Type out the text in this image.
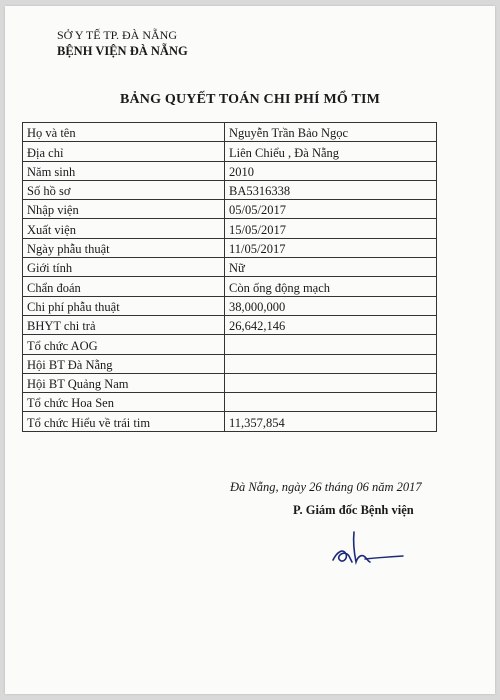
SỞ Y TẾ TP. ĐÀ NẴNG
BỆNH VIỆN ĐÀ NẴNG
BẢNG QUYẾT TOÁN CHI PHÍ MỔ TIM
Họ và tên	Nguyễn Trần Bảo Ngọc
Địa chỉ	Liên Chiểu , Đà Nẵng
Năm sinh	2010
Số hồ sơ	BA5316338
Nhập viện	05/05/2017
Xuất viện	15/05/2017
Ngày phẫu thuật	11/05/2017
Giới tính	Nữ
Chẩn đoán	Còn ống động mạch
Chi phí phẫu thuật	38,000,000
BHYT chi trả	26,642,146
Tổ chức AOG	
Hội BT Đà Nẵng	
Hội BT Quảng Nam	
Tổ chức Hoa Sen	
Tổ chức Hiểu về trái tim	11,357,854
Đà Nẵng, ngày 26 tháng 06 năm 2017
P. Giám đốc Bệnh viện
